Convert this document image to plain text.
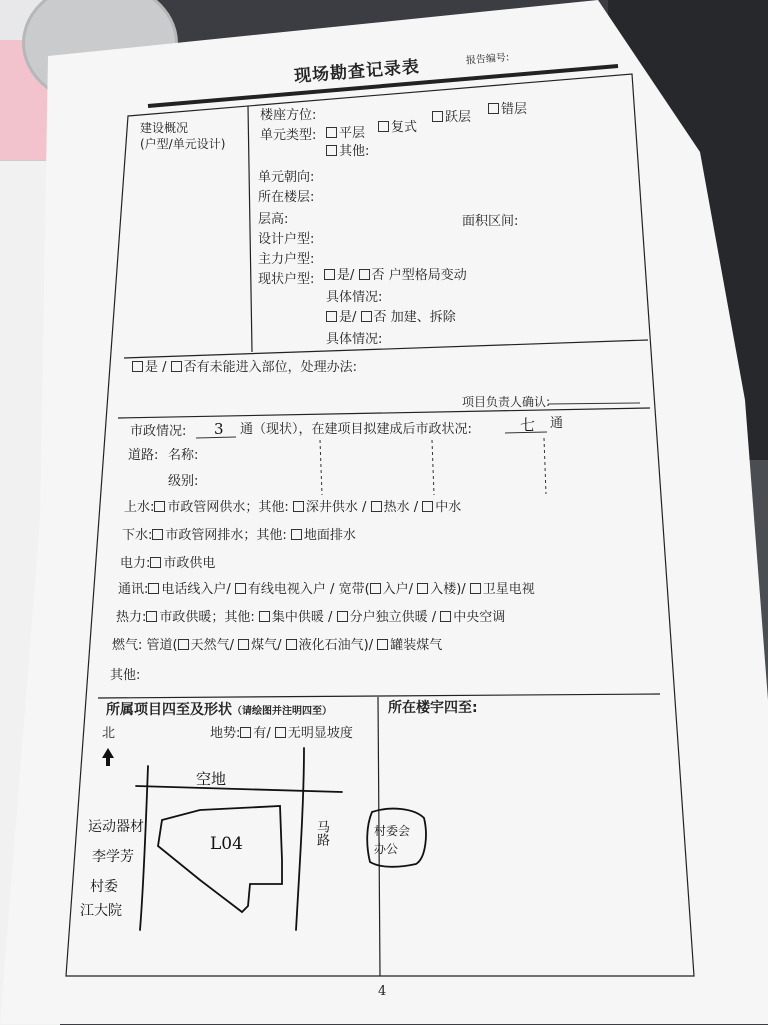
现场勘查记录表	报告编号:
建设概况
(户型/单元设计)
楼座方位:
单元类型:	平层	复式
跃层
错层
其他:
单元朝向:
所在楼层:
层高:	面积区间:
设计户型:
主力户型:
现状户型:	是/ 否 户型格局变动
具体情况:
是/ 否 加建、拆除
具体情况:
是 / 否有未能进入部位，处理办法:
项目负责人确认:
市政情况: 3 通（现状），在建项目拟建成后市政状况:	七 通
道路: 名称:
级别:
上水: 市政管网供水；其他: 深井供水 / 热水 / 中水
下水: 市政管网排水；其他: 地面排水
电力: 市政供电
通讯: 电话线入户/ 有线电视入户 / 宽带( 入户/ 入楼)/ 卫星电视
热力: 市政供暖；其他: 集中供暖 / 分户独立供暖 / 中央空调
燃气: 管道( 天然气/ 煤气/ 液化石油气)/ 罐装煤气
其他:
所属项目四至及形状（请绘图并注明四至）	所在楼宇四至:
北	地势: 有/ 无明显坡度
空地
L04	马路
运动器材
李学芳
村委
江大院
村委会 办公
4
